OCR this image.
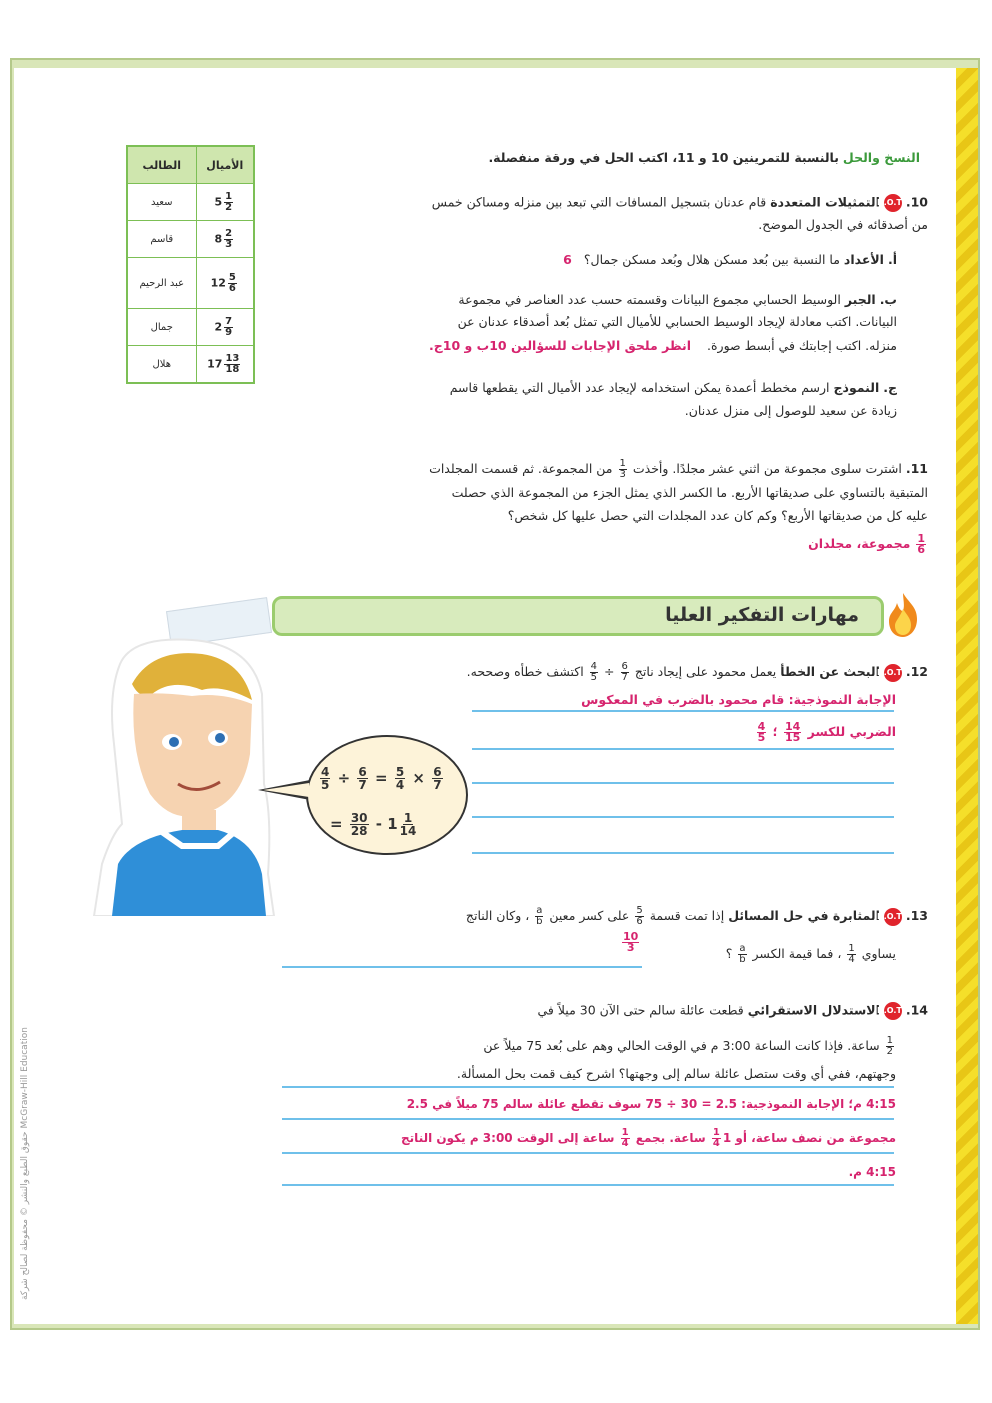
حقوق الطبع والنشر © محفوظة لصالح شركة McGraw-Hill Education
النسخ والحل بالنسبة للتمرينين 10 و 11، اكتب الحل في ورقة منفصلة.
الطالب	الأميال
سعيد	$5 \frac{1}{2}$

قاسم	$8 \frac{2}{3}$

عبد الرحيم	$12 \frac{5}{6}$

جمال	$2 \frac{7}{9}$

هلال	$17 \frac{13}{18}$
10. H.O.T التمثيلات المتعددة قام عدنان بتسجيل المسافات التي تبعد بين منزله ومساكن خمس
من أصدقائه في الجدول الموضح.
أ. الأعداد ما النسبة بين بُعد مسكن هلال وبُعد مسكن جمال؟ 6
ب. الجبر الوسيط الحسابي مجموع البيانات وقسمته حسب عدد العناصر في مجموعة
البيانات. اكتب معادلة لإيجاد الوسيط الحسابي للأميال التي تمثل بُعد أصدقاء عدنان عن
منزله. اكتب إجابتك في أبسط صورة. انظر ملحق الإجابات للسؤالين 10ب و 10ج.
ج. النموذج ارسم مخطط أعمدة يمكن استخدامه لإيجاد عدد الأميال التي يقطعها قاسم
زيادة عن سعيد للوصول إلى منزل عدنان.
11. اشترت سلوى مجموعة من اثني عشر مجلدًا. وأخذت
$\frac{1}{3}$
من المجموعة. ثم قسمت المجلدات
المتبقية بالتساوي على صديقاتها الأربع. ما الكسر الذي يمثل الجزء من المجموعة الذي حصلت
عليه كل من صديقاتها الأربع؟ وكم كان عدد المجلدات التي حصل عليها كل شخص؟
$\frac{1}{6}$
مجموعة، مجلدان
مهارات التفكير العليا
$\frac{4}{5} \div \frac{6}{7} = \frac{5}{4} \times \frac{6}{7}$
= $\frac{30}{28} - 1 \frac{1}{14}$
12. H.O.T البحث عن الخطأ يعمل محمود على إيجاد ناتج
$\frac{6}{7}$
÷
$\frac{4}{5}$
اكتشف خطأه وصححه.
الإجابة النموذجية: قام محمود بالضرب في المعكوس
الضربي للكسر
$\frac{14}{15}$
؛
$\frac{4}{5}$
13. H.O.T المثابرة في حل المسائل إذا تمت قسمة
$\frac{5}{6}$
على كسر معين
$\frac{a}{b}$
، وكان الناتج
يساوي
$\frac{1}{4}$
، فما قيمة الكسر
$\frac{a}{b}$
؟
$\frac{10}{3}$
14. H.O.T الاستدلال الاستقرائي قطعت عائلة سالم حتى الآن 30 ميلاً في
$\frac{1}{2}$
ساعة. فإذا كانت الساعة 3:00 م في الوقت الحالي وهم على بُعد 75 ميلاً عن
وجهتهم، ففي أي وقت ستصل عائلة سالم إلى وجهتها؟ اشرح كيف قمت بحل المسألة.
4:15 م؛ الإجابة النموذجية: 2.5 = 30 ÷ 75 سوف تقطع عائلة سالم 75 ميلاً في 2.5
مجموعة من نصف ساعة، أو 1
$\frac{1}{4}$
ساعة. بجمع
$\frac{1}{4}$
ساعة إلى الوقت 3:00 م يكون الناتج
4:15 م.
